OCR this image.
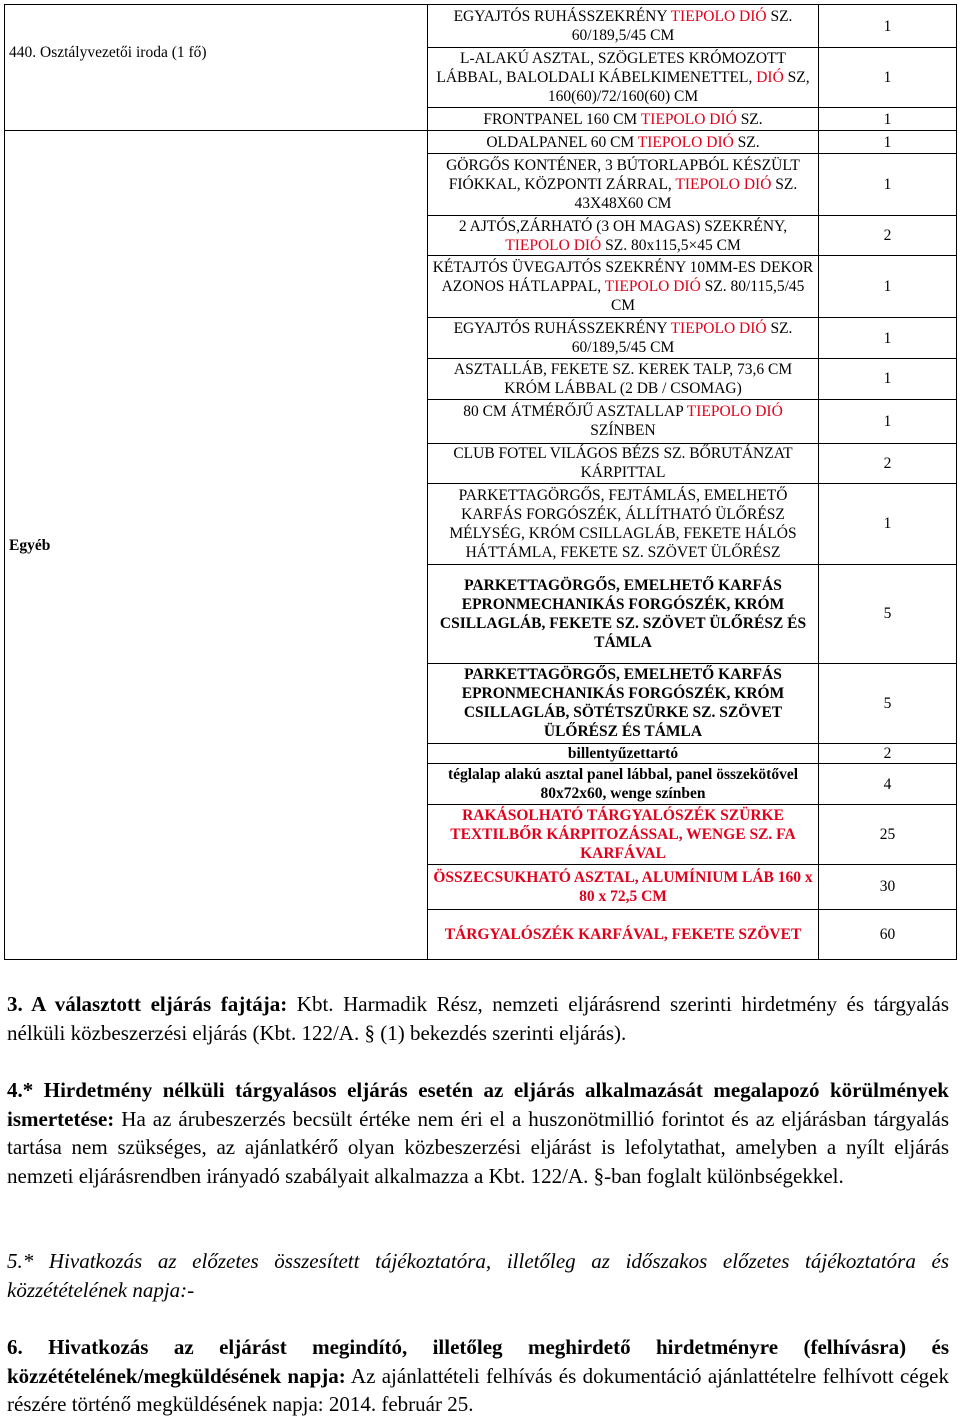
440. Osztályvezetői iroda (1 fő)	EGYAJTÓS RUHÁSSZEKRÉNY TIEPOLO DIÓ SZ. 60/189,5/45 CM	1
	L-ALAKÚ ASZTAL, SZÖGLETES KRÓMOZOTT LÁBBAL, BALOLDALI KÁBELKIMENETTEL, DIÓ SZ, 160(60)/72/160(60) CM	1
	FRONTPANEL 160 CM TIEPOLO DIÓ SZ.	1
Egyéb	OLDALPANEL 60 CM TIEPOLO DIÓ SZ.	1
	GÖRGŐS KONTÉNER, 3 BÚTORLAPBÓL KÉSZÜLT FIÓKKAL, KÖZPONTI ZÁRRAL, TIEPOLO DIÓ SZ. 43X48X60 CM	1
	2 AJTÓS,ZÁRHATÓ (3 OH MAGAS) SZEKRÉNY, TIEPOLO DIÓ SZ. 80x115,5×45 CM	2
	KÉTAJTÓS ÜVEGAJTÓS SZEKRÉNY 10MM-ES DEKOR AZONOS HÁTLAPPAL, TIEPOLO DIÓ SZ. 80/115,5/45 CM	1
	EGYAJTÓS RUHÁSSZEKRÉNY TIEPOLO DIÓ SZ. 60/189,5/45 CM	1
	ASZTALLÁB, FEKETE SZ. KEREK TALP, 73,6 CM KRÓM LÁBBAL (2 DB / CSOMAG)	1
	80 CM ÁTMÉRŐJŰ ASZTALLAP TIEPOLO DIÓ SZÍNBEN	1
	CLUB FOTEL VILÁGOS BÉZS SZ. BŐRUTÁNZAT KÁRPITTAL	2
	PARKETTAGÖRGŐS, FEJTÁMLÁS, EMELHETŐ KARFÁS FORGÓSZÉK, ÁLLÍTHATÓ ÜLŐRÉSZ MÉLYSÉG, KRÓM CSILLAGLÁB, FEKETE HÁLÓS HÁTTÁMLA, FEKETE SZ. SZÖVET ÜLŐRÉSZ	1
	PARKETTAGÖRGŐS, EMELHETŐ KARFÁS EPRONMECHANIKÁS FORGÓSZÉK, KRÓM CSILLAGLÁB, FEKETE SZ. SZÖVET ÜLŐRÉSZ ÉS TÁMLA	5
	PARKETTAGÖRGŐS, EMELHETŐ KARFÁS EPRONMECHANIKÁS FORGÓSZÉK, KRÓM CSILLAGLÁB, SÖTÉTSZÜRKE SZ. SZÖVET ÜLŐRÉSZ ÉS TÁMLA	5
	billentyűzettartó	2
	téglalap alakú asztal panel lábbal, panel összekötővel 80x72x60, wenge színben	4
	RAKÁSOLHATÓ TÁRGYALÓSZÉK SZÜRKE TEXTILBŐR KÁRPITOZÁSSAL, WENGE SZ. FA KARFÁVAL	25
	ÖSSZECSUKHATÓ ASZTAL, ALUMÍNIUM LÁB 160 x 80 x 72,5 CM	30
	TÁRGYALÓSZÉK KARFÁVAL, FEKETE SZÖVET	60
3. A választott eljárás fajtája: Kbt. Harmadik Rész, nemzeti eljárásrend szerinti hirdetmény és tárgyalás nélküli közbeszerzési eljárás (Kbt. 122/A. § (1) bekezdés szerinti eljárás).
4.* Hirdetmény nélküli tárgyalásos eljárás esetén az eljárás alkalmazását megalapozó körülmények ismertetése: Ha az árubeszerzés becsült értéke nem éri el a huszonötmillió forintot és az eljárásban tárgyalás tartása nem szükséges, az ajánlatkérő olyan közbeszerzési eljárást is lefolytathat, amelyben a nyílt eljárás nemzeti eljárásrendben irányadó szabályait alkalmazza a Kbt. 122/A. §-ban foglalt különbségekkel.
5.* Hivatkozás az előzetes összesített tájékoztatóra, illetőleg az időszakos előzetes tájékoztatóra és közzétételének napja:-
6. Hivatkozás az eljárást megindító, illetőleg meghirdető hirdetményre (felhívásra) és közzétételének/megküldésének napja: Az ajánlattételi felhívás és dokumentáció ajánlattételre felhívott cégek részére történő megküldésének napja: 2014. február 25.
